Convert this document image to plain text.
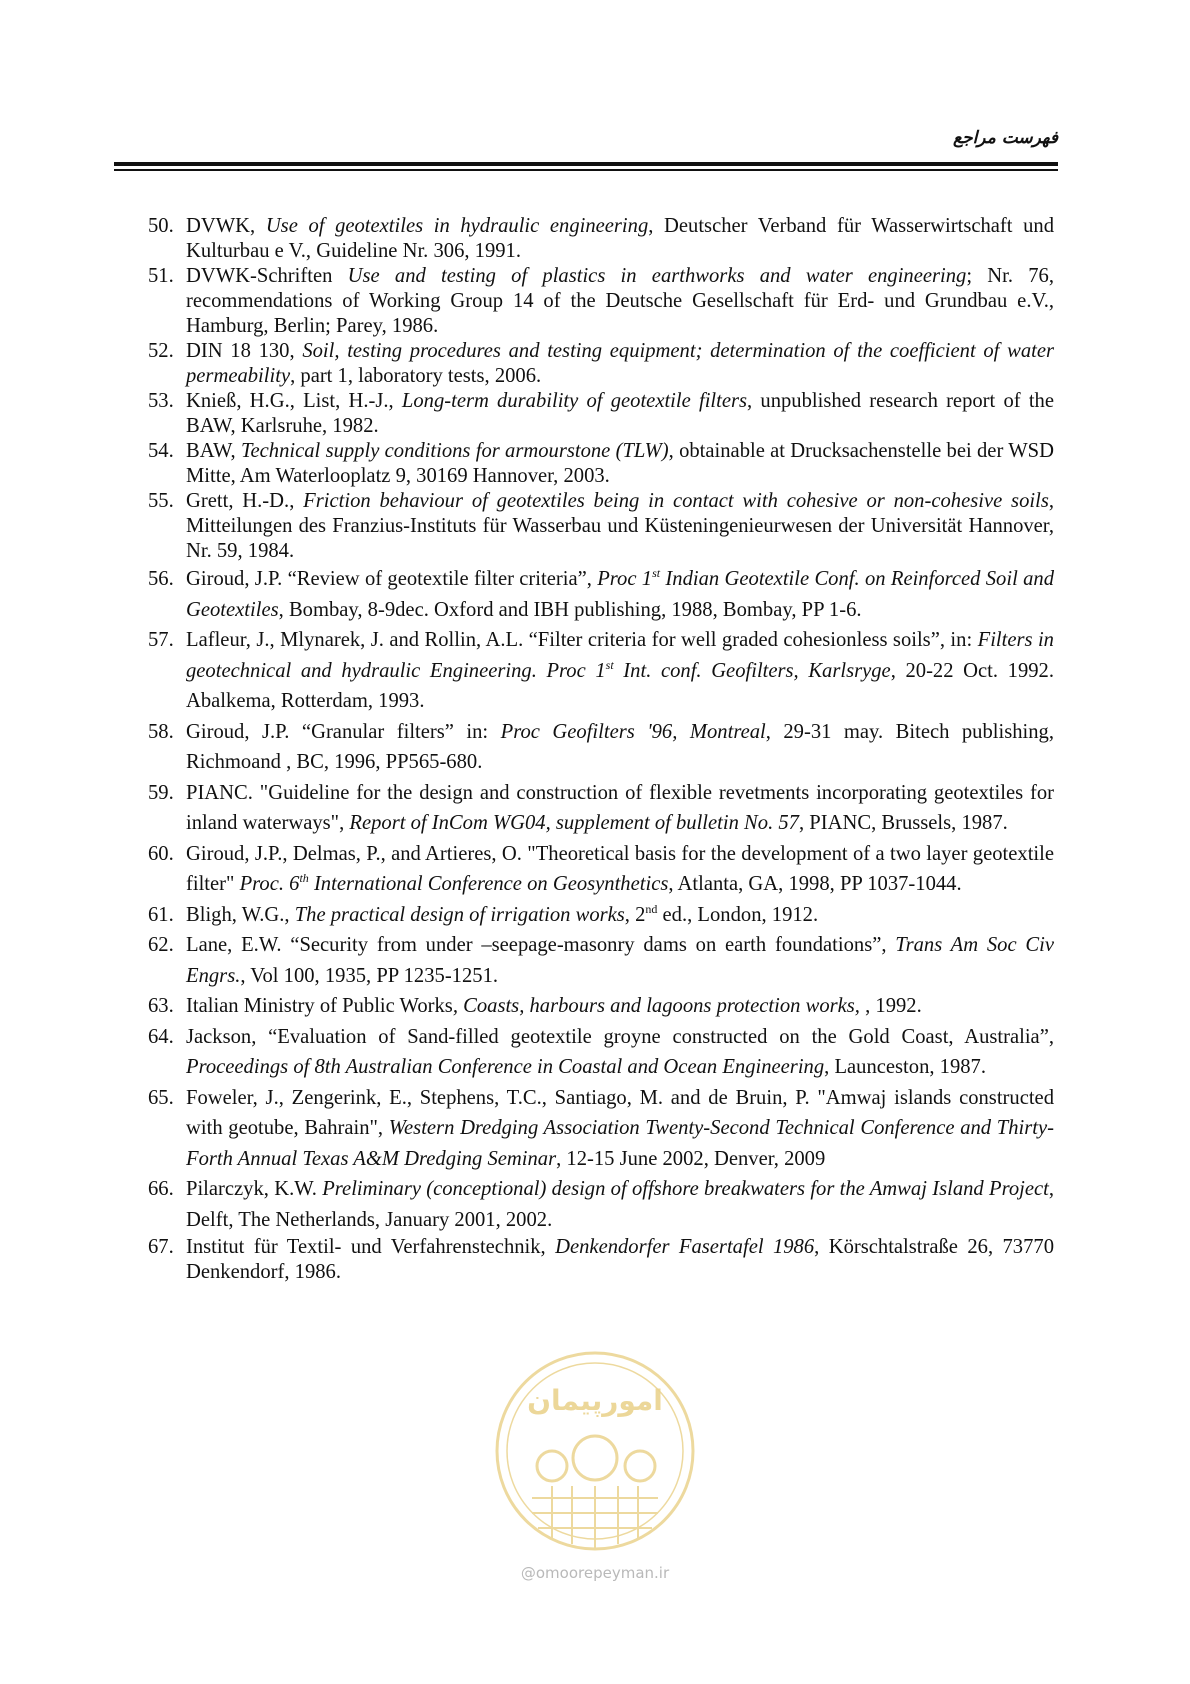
فهرست مراجع
50. DVWK, Use of geotextiles in hydraulic engineering, Deutscher Verband für Wasserwirtschaft und Kulturbau e V., Guideline Nr. 306, 1991.
51. DVWK-Schriften Use and testing of plastics in earthworks and water engineering; Nr. 76, recommendations of Working Group 14 of the Deutsche Gesellschaft für Erd- und Grundbau e.V., Hamburg, Berlin; Parey, 1986.
52. DIN 18 130, Soil, testing procedures and testing equipment; determination of the coefficient of water permeability, part 1, laboratory tests, 2006.
53. Knieß, H.G., List, H.-J., Long-term durability of geotextile filters, unpublished research report of the BAW, Karlsruhe, 1982.
54. BAW, Technical supply conditions for armourstone (TLW), obtainable at Drucksachenstelle bei der WSD Mitte, Am Waterlooplatz 9, 30169 Hannover, 2003.
55. Grett, H.-D., Friction behaviour of geotextiles being in contact with cohesive or non-cohesive soils, Mitteilungen des Franzius-Instituts für Wasserbau und Küsteningenieurwesen der Universität Hannover, Nr. 59, 1984.
56. Giroud, J.P. “Review of geotextile filter criteria”, Proc 1st Indian Geotextile Conf. on Reinforced Soil and Geotextiles, Bombay, 8-9dec. Oxford and IBH publishing, 1988, Bombay, PP 1-6.
57. Lafleur, J., Mlynarek, J. and Rollin, A.L. “Filter criteria for well graded cohesionless soils”, in: Filters in geotechnical and hydraulic Engineering. Proc 1st Int. conf. Geofilters, Karlsryge, 20-22 Oct. 1992. Abalkema, Rotterdam, 1993.
58. Giroud, J.P. “Granular filters” in: Proc Geofilters '96, Montreal, 29-31 may. Bitech publishing, Richmoand , BC, 1996, PP565-680.
59. PIANC. "Guideline for the design and construction of flexible revetments incorporating geotextiles for inland waterways", Report of InCom WG04, supplement of bulletin No. 57, PIANC, Brussels, 1987.
60. Giroud, J.P., Delmas, P., and Artieres, O. "Theoretical basis for the development of a two layer geotextile filter" Proc. 6th International Conference on Geosynthetics, Atlanta, GA, 1998, PP 1037-1044.
61. Bligh, W.G., The practical design of irrigation works, 2nd ed., London, 1912.
62. Lane, E.W. “Security from under –seepage-masonry dams on earth foundations”, Trans Am Soc Civ Engrs., Vol 100, 1935, PP 1235-1251.
63. Italian Ministry of Public Works, Coasts, harbours and lagoons protection works, , 1992.
64. Jackson, “Evaluation of Sand-filled geotextile groyne constructed on the Gold Coast, Australia”, Proceedings of 8th Australian Conference in Coastal and Ocean Engineering, Launceston, 1987.
65. Foweler, J., Zengerink, E., Stephens, T.C., Santiago, M. and de Bruin, P. "Amwaj islands constructed with geotube, Bahrain", Western Dredging Association Twenty-Second Technical Conference and Thirty-Forth Annual Texas A&M Dredging Seminar, 12-15 June 2002, Denver, 2009
66. Pilarczyk, K.W. Preliminary (conceptional) design of offshore breakwaters for the Amwaj Island Project, Delft, The Netherlands, January 2001, 2002.
67. Institut für Textil- und Verfahrenstechnik, Denkendorfer Fasertafel 1986, Körschtalstraße 26, 73770 Denkendorf, 1986.
امورپیمان
@omoorepeyman.ir
